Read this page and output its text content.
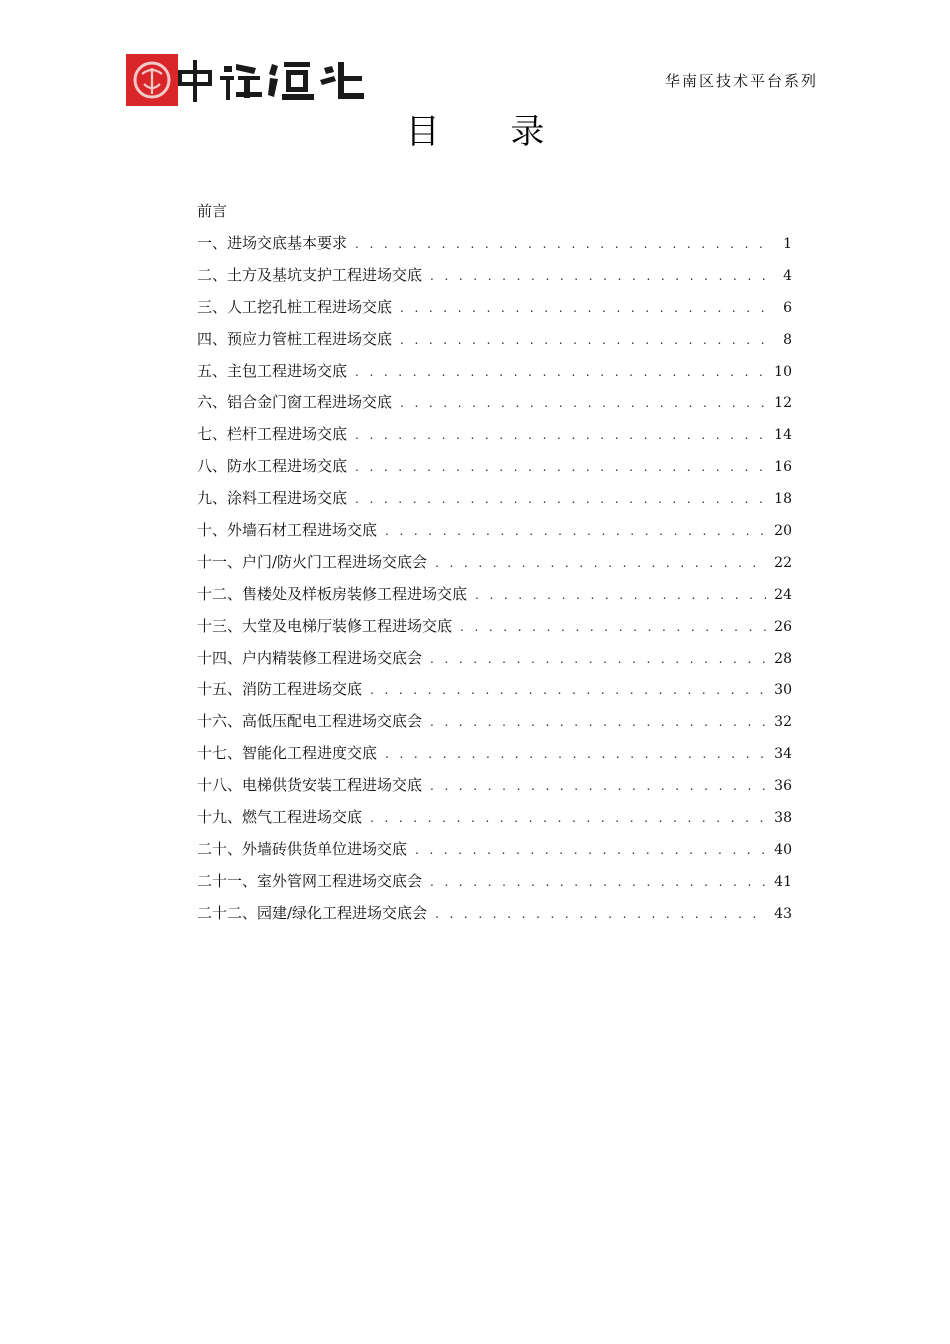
华南区技术平台系列
目 录
前言
一、进场交底基本要求 . . .	1
二、土方及基坑支护工程进场交底 . . .	4
三、人工挖孔桩工程进场交底 . . .	6
四、预应力管桩工程进场交底 . . .	8
五、主包工程进场交底 . . .	10
六、铝合金门窗工程进场交底 . . .	12
七、栏杆工程进场交底 . . .	14
八、防水工程进场交底 . . .	16
九、涂料工程进场交底 . . .	18
十、外墙石材工程进场交底 . . .	20
十一、户门/防火门工程进场交底会 . . .	22
十二、售楼处及样板房装修工程进场交底 . . .	24
十三、大堂及电梯厅装修工程进场交底 . . .	26
十四、户内精装修工程进场交底会 . . .	28
十五、消防工程进场交底 . . .	30
十六、高低压配电工程进场交底会 . . .	32
十七、智能化工程进度交底 . . .	34
十八、电梯供货安装工程进场交底 . . .	36
十九、燃气工程进场交底 . . .	38
二十、外墙砖供货单位进场交底 . . .	40
二十一、室外管网工程进场交底会 . . .	41
二十二、园建/绿化工程进场交底会 . . .	43
